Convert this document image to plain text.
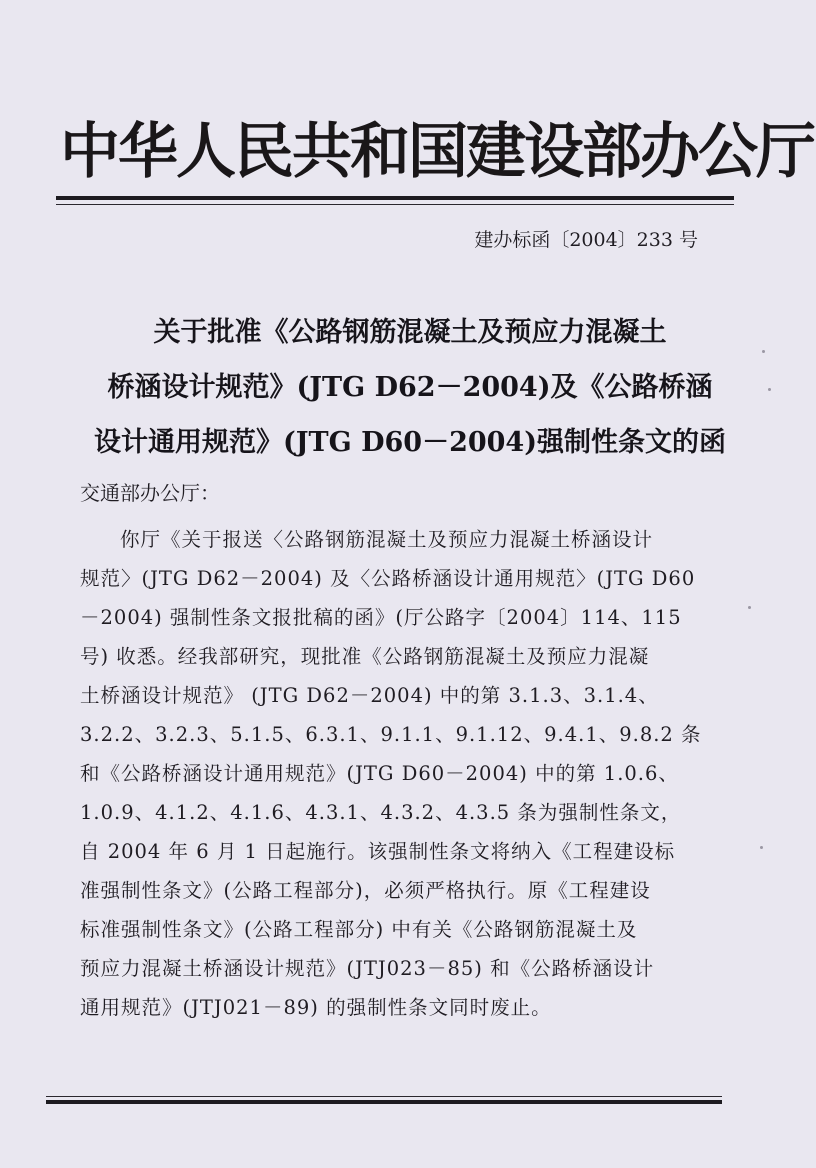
中华人民共和国建设部办公厅
建办标函〔2004〕233 号
关于批准《公路钢筋混凝土及预应力混凝土
桥涵设计规范》(JTG D62－2004)及《公路桥涵
设计通用规范》(JTG D60－2004)强制性条文的函
交通部办公厅：
你厅《关于报送〈公路钢筋混凝土及预应力混凝土桥涵设计
规范〉(JTG D62－2004) 及〈公路桥涵设计通用规范〉(JTG D60
－2004) 强制性条文报批稿的函》(厅公路字〔2004〕114、115
号) 收悉。经我部研究，现批准《公路钢筋混凝土及预应力混凝
土桥涵设计规范》 (JTG D62－2004) 中的第 3.1.3、3.1.4、
3.2.2、3.2.3、5.1.5、6.3.1、9.1.1、9.1.12、9.4.1、9.8.2 条
和《公路桥涵设计通用规范》(JTG D60－2004) 中的第 1.0.6、
1.0.9、4.1.2、4.1.6、4.3.1、4.3.2、4.3.5 条为强制性条文，
自 2004 年 6 月 1 日起施行。该强制性条文将纳入《工程建设标
准强制性条文》(公路工程部分)，必须严格执行。原《工程建设
标准强制性条文》(公路工程部分) 中有关《公路钢筋混凝土及
预应力混凝土桥涵设计规范》(JTJ023－85) 和《公路桥涵设计
通用规范》(JTJ021－89) 的强制性条文同时废止。
